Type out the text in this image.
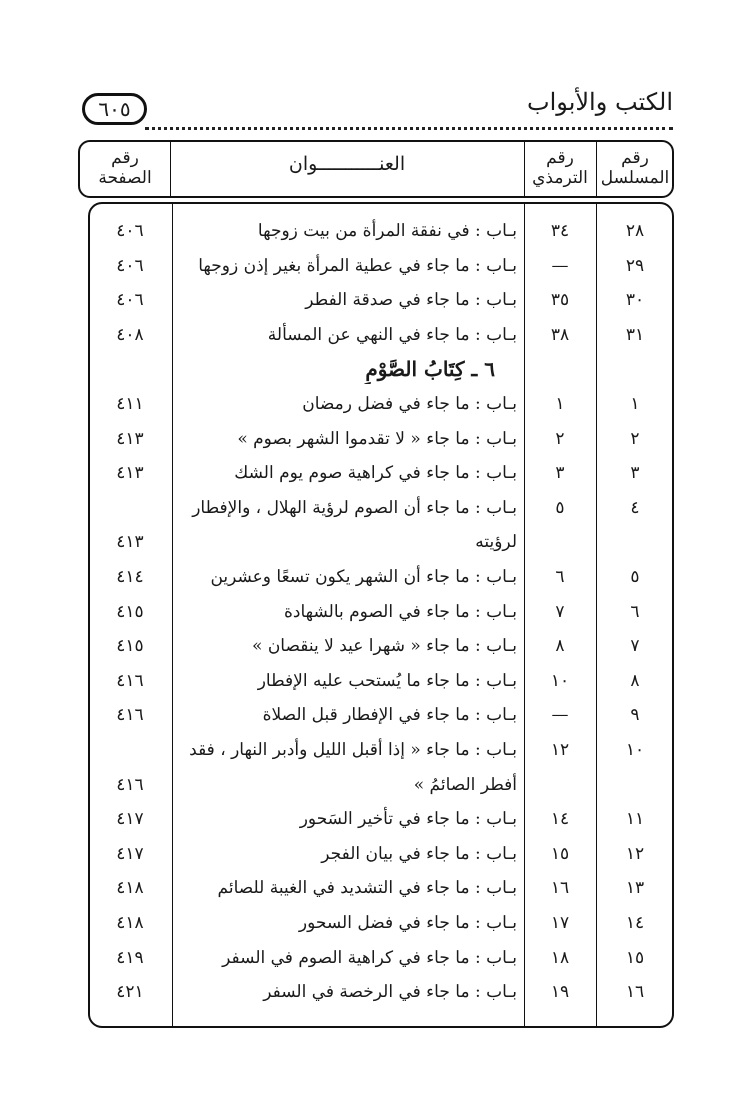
الكتب والأبواب
٦٠٥
رقم
المسلسل
رقم
الترمذي
العنـــــــــــوان
رقم
الصفحة
٢٨
٣٤
بـاب : في نفقة المرأة من بيت زوجها
٤٠٦
٢٩
—
بـاب : ما جاء في عطية المرأة بغير إذن زوجها
٤٠٦
٣٠
٣٥
بـاب : ما جاء في صدقة الفطر
٤٠٦
٣١
٣٨
بـاب : ما جاء في النهي عن المسألة
٤٠٨
٦ ـ كِتَابُ الصَّوْمِ
١
١
بـاب : ما جاء في فضل رمضان
٤١١
٢
٢
بـاب : ما جاء « لا تقدموا الشهر بصوم »
٤١٣
٣
٣
بـاب : ما جاء في كراهية صوم يوم الشك
٤١٣
٤
٥
بـاب : ما جاء أن الصوم لرؤية الهلال ، والإفطار
لرؤيته
٤١٣
٥
٦
بـاب : ما جاء أن الشهر يكون تسعًا وعشرين
٤١٤
٦
٧
بـاب : ما جاء في الصوم بالشهادة
٤١٥
٧
٨
بـاب : ما جاء « شهرا عيد لا ينقصان »
٤١٥
٨
١٠
بـاب : ما جاء ما يُستحب عليه الإفطار
٤١٦
٩
—
بـاب : ما جاء في الإفطار قبل الصلاة
٤١٦
١٠
١٢
بـاب : ما جاء « إذا أقبل الليل وأدبر النهار ، فقد
أفطر الصائمُ »
٤١٦
١١
١٤
بـاب : ما جاء في تأخير السَحور
٤١٧
١٢
١٥
بـاب : ما جاء في بيان الفجر
٤١٧
١٣
١٦
بـاب : ما جاء في التشديد في الغيبة للصائم
٤١٨
١٤
١٧
بـاب : ما جاء في فضل السحور
٤١٨
١٥
١٨
بـاب : ما جاء في كراهية الصوم في السفر
٤١٩
١٦
١٩
بـاب : ما جاء في الرخصة في السفر
٤٢١
